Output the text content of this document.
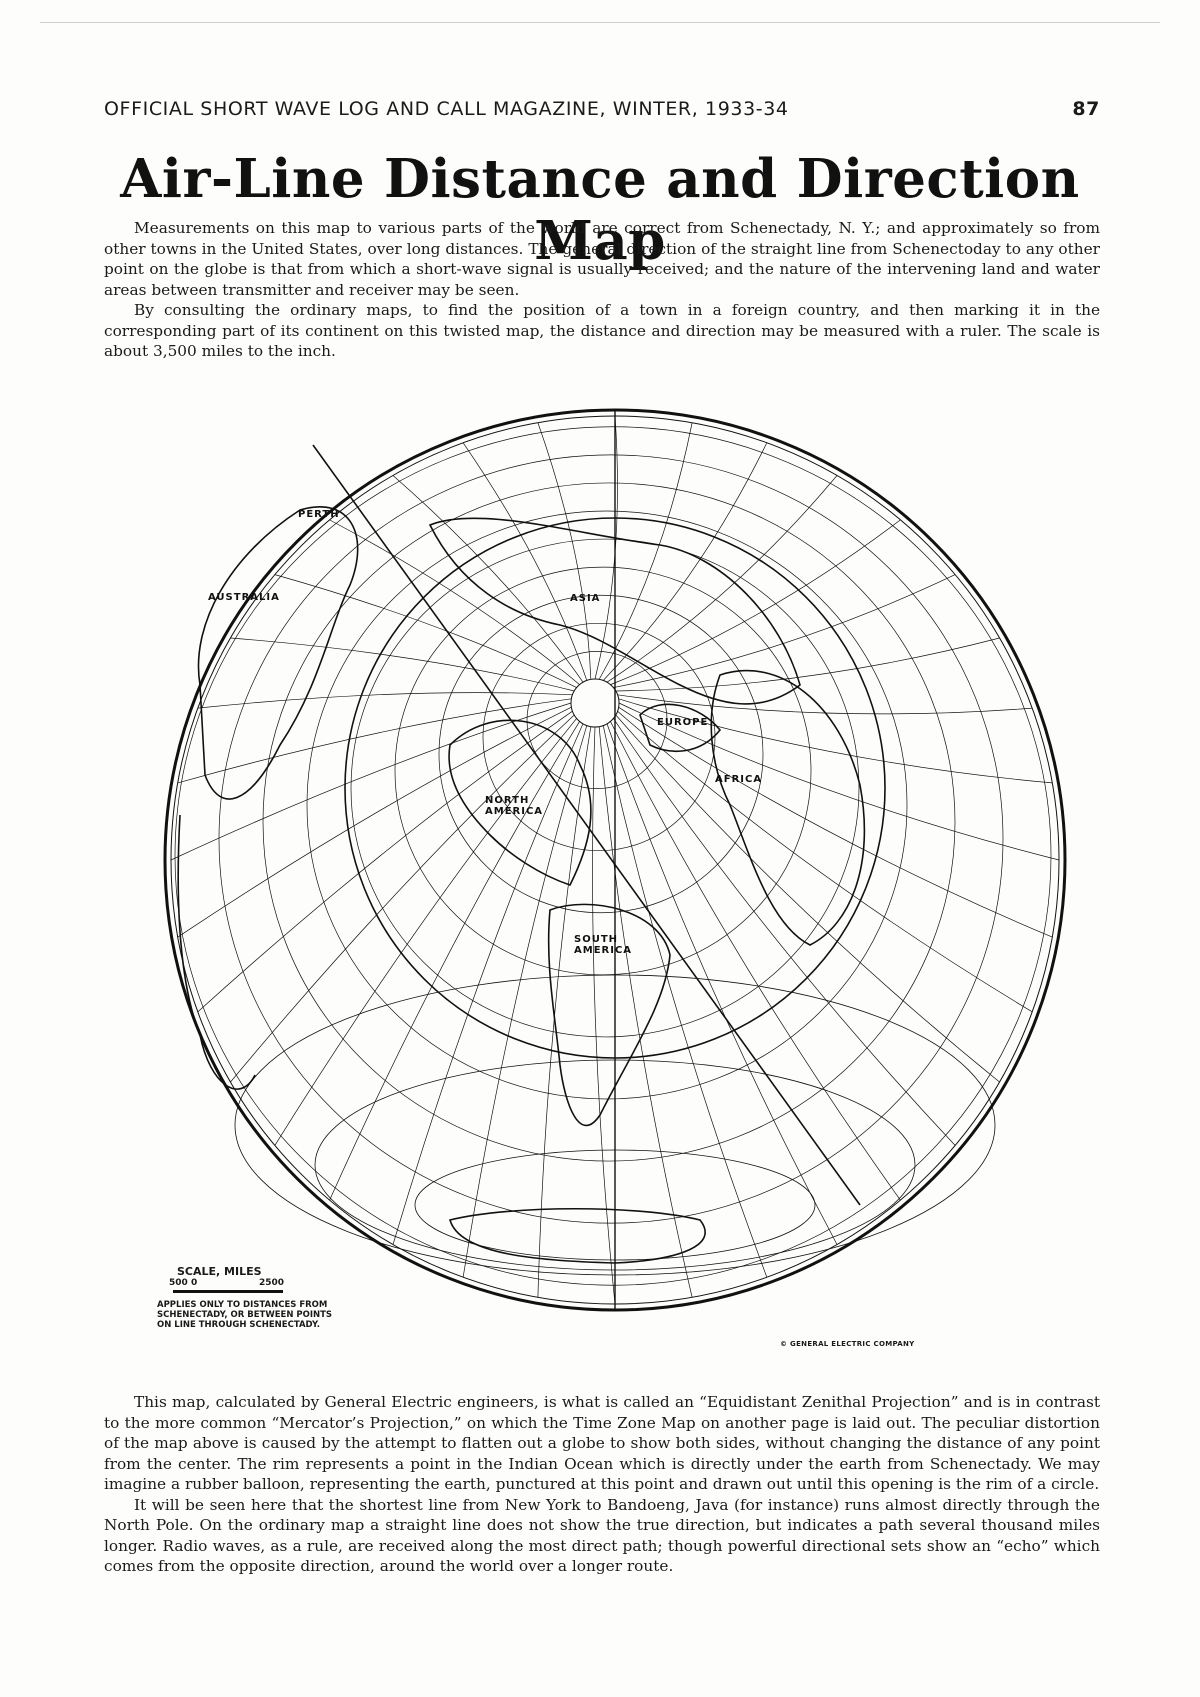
OFFICIAL SHORT WAVE LOG AND CALL MAGAZINE, WINTER, 1933-34	87
Air-Line Distance and Direction Map

Measurements on this map to various parts of the world are correct from Schenectady, N. Y.; and approximately so from other towns in the United States, over long distances. The general direction of the straight line from Schenectoday to any other point on the globe is that from which a short-wave signal is usually received; and the nature of the intervening land and water areas between transmitter and receiver may be seen.

By consulting the ordinary maps, to find the position of a town in a foreign country, and then marking it in the corresponding part of its continent on this twisted map, the distance and direction may be measured with a ruler. The scale is about 3,500 miles to the inch.

PERTH
AUSTRALIA	ASIA
EUROPE
AFRICA
NORTH
AMERICA
SOUTH
AMERICA
SCALE, MILES
500 0	2500
APPLIES ONLY TO DISTANCES FROM SCHENECTADY, OR BETWEEN POINTS ON LINE THROUGH SCHENECTADY.
© GENERAL ELECTRIC COMPANY

This map, calculated by General Electric engineers, is what is called an “Equidistant Zenithal Projection” and is in contrast to the more common “Mercator’s Projection,” on which the Time Zone Map on another page is laid out. The peculiar distortion of the map above is caused by the attempt to flatten out a globe to show both sides, without changing the distance of any point from the center. The rim represents a point in the Indian Ocean which is directly under the earth from Schenectady. We may imagine a rubber balloon, representing the earth, punctured at this point and drawn out until this opening is the rim of a circle.

It will be seen here that the shortest line from New York to Bandoeng, Java (for instance) runs almost directly through the North Pole. On the ordinary map a straight line does not show the true direction, but indicates a path several thousand miles longer. Radio waves, as a rule, are received along the most direct path; though powerful directional sets show an “echo” which comes from the opposite direction, around the world over a longer route.
